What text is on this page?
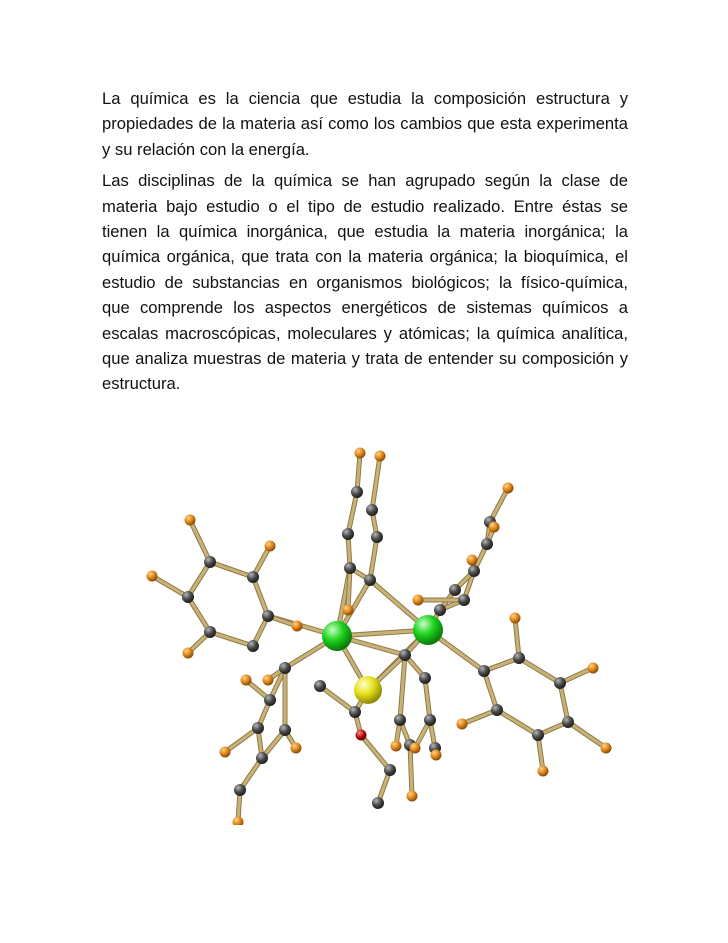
La química es la ciencia que estudia la composición estructura y propiedades de la materia así como los cambios que esta experimenta y su relación con la energía.

Las disciplinas de la química se han agrupado según la clase de materia bajo estudio o el tipo de estudio realizado. Entre éstas se tienen la química inorgánica, que estudia la materia inorgánica; la química orgánica, que trata con la materia orgánica; la bioquímica, el estudio de substancias en organismos biológicos; la físico-química, que comprende los aspectos energéticos de sistemas químicos a escalas macroscópicas, moleculares y atómicas; la química analítica, que analiza muestras de materia y trata de entender su composición y estructura.
